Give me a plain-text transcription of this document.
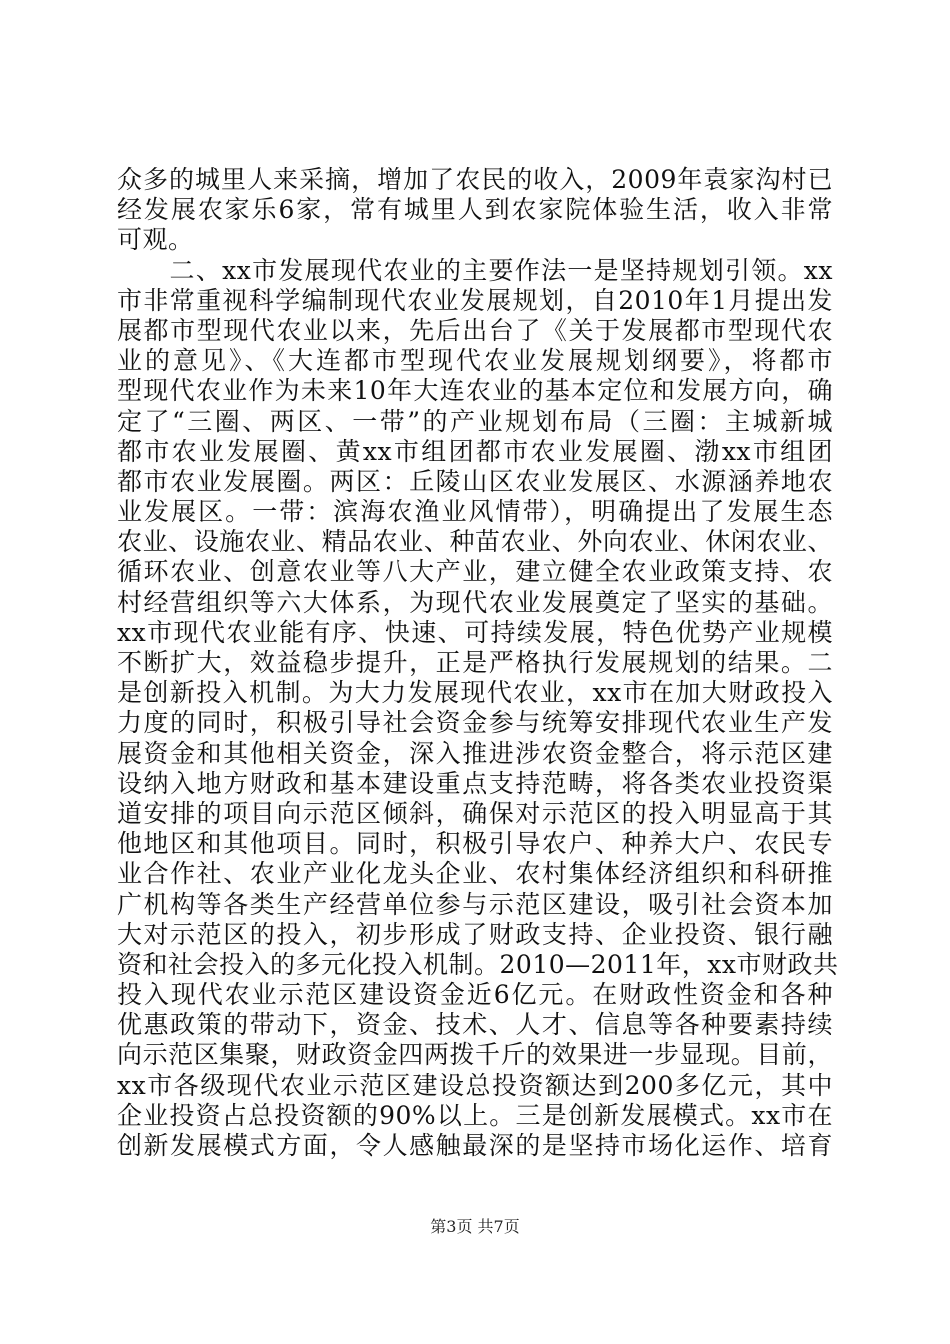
众多的城里人来采摘，增加了农民的收入，2009年袁家沟村已
经发展农家乐6家，常有城里人到农家院体验生活，收入非常
可观。
　　二、xx市发展现代农业的主要作法一是坚持规划引领。xx
市非常重视科学编制现代农业发展规划，自2010年1月提出发
展都市型现代农业以来，先后出台了《关于发展都市型现代农
业的意见》、《大连都市型现代农业发展规划纲要》，将都市
型现代农业作为未来10年大连农业的基本定位和发展方向，确
定了“三圈、两区、一带”的产业规划布局（三圈：主城新城
都市农业发展圈、黄xx市组团都市农业发展圈、渤xx市组团
都市农业发展圈。两区：丘陵山区农业发展区、水源涵养地农
业发展区。一带：滨海农渔业风情带），明确提出了发展生态
农业、设施农业、精品农业、种苗农业、外向农业、休闲农业、
循环农业、创意农业等八大产业，建立健全农业政策支持、农
村经营组织等六大体系，为现代农业发展奠定了坚实的基础。
xx市现代农业能有序、快速、可持续发展，特色优势产业规模
不断扩大，效益稳步提升，正是严格执行发展规划的结果。二
是创新投入机制。为大力发展现代农业，xx市在加大财政投入
力度的同时，积极引导社会资金参与统筹安排现代农业生产发
展资金和其他相关资金，深入推进涉农资金整合，将示范区建
设纳入地方财政和基本建设重点支持范畴，将各类农业投资渠
道安排的项目向示范区倾斜，确保对示范区的投入明显高于其
他地区和其他项目。同时，积极引导农户、种养大户、农民专
业合作社、农业产业化龙头企业、农村集体经济组织和科研推
广机构等各类生产经营单位参与示范区建设，吸引社会资本加
大对示范区的投入，初步形成了财政支持、企业投资、银行融
资和社会投入的多元化投入机制。2010—2011年，xx市财政共
投入现代农业示范区建设资金近6亿元。在财政性资金和各种
优惠政策的带动下，资金、技术、人才、信息等各种要素持续
向示范区集聚，财政资金四两拨千斤的效果进一步显现。目前，
xx市各级现代农业示范区建设总投资额达到200多亿元，其中
企业投资占总投资额的90%以上。三是创新发展模式。xx市在
创新发展模式方面，令人感触最深的是坚持市场化运作、培育
第3页 共7页
